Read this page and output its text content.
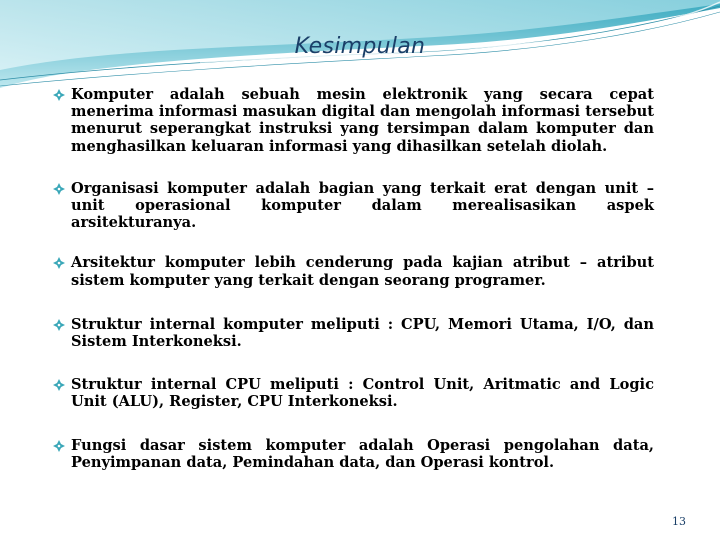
Kesimpulan
Komputer adalah sebuah mesin elektronik yang secara cepat menerima informasi masukan digital dan mengolah informasi tersebut menurut seperangkat instruksi yang tersimpan dalam komputer dan menghasilkan keluaran informasi yang dihasilkan setelah diolah.
Organisasi komputer adalah bagian yang terkait erat dengan unit – unit operasional komputer dalam merealisasikan aspek arsitekturanya.
Arsitektur komputer lebih cenderung pada kajian atribut – atribut sistem komputer yang terkait dengan seorang programer.
Struktur internal komputer meliputi : CPU, Memori Utama, I/O, dan Sistem Interkoneksi.
Struktur internal CPU meliputi : Control Unit, Aritmatic and Logic Unit (ALU), Register, CPU Interkoneksi.
Fungsi dasar sistem komputer adalah Operasi pengolahan data, Penyimpanan data, Pemindahan data, dan Operasi kontrol.
13
